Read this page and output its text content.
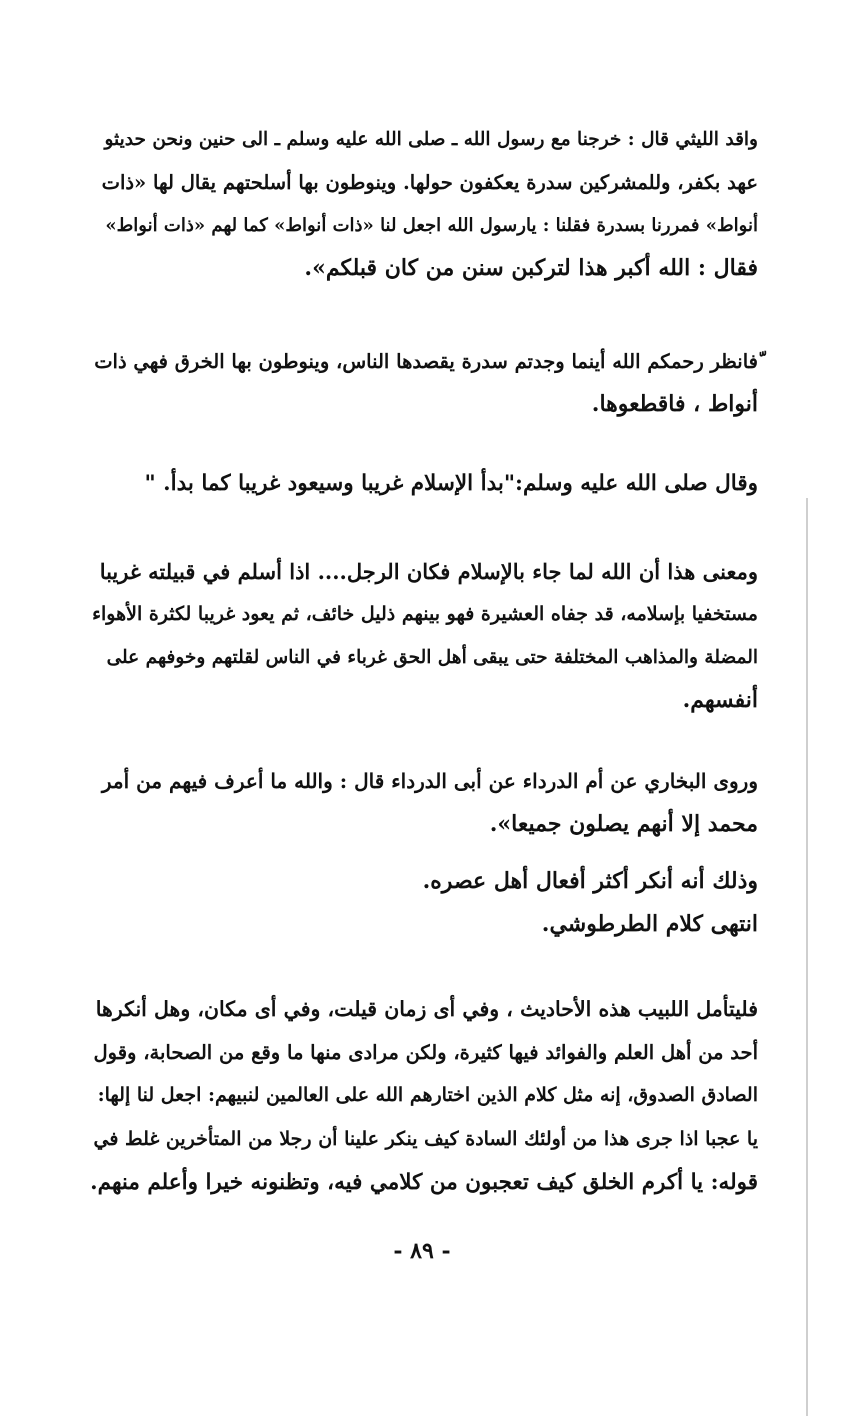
واقد الليثي قال : خرجنا مع رسول الله ـ صلى الله عليه وسلم ـ الى حنين ونحن حديثو
عهد بكفر، وللمشركين سدرة يعكفون حولها. وينوطون بها أسلحتهم يقال لها «ذات
أنواط» فمررنا بسدرة فقلنا : يارسول الله اجعل لنا «ذات أنواط» كما لهم «ذات أنواط»
فقال : الله أكبر هذا لتركبن سنن من كان قبلكم».

ّفانظر رحمكم الله أينما وجدتم سدرة يقصدها الناس، وينوطون بها الخرق فهي ذات
أنواط ، فاقطعوها.

وقال صلى الله عليه وسلم:"بدأ الإسلام غريبا وسيعود غريبا كما بدأ. "

ومعنى هذا أن الله لما جاء بالإسلام فكان الرجل.... اذا أسلم في قبيلته غريبا
مستخفيا بإسلامه، قد جفاه العشيرة فهو بينهم ذليل خائف، ثم يعود غريبا لكثرة الأهواء
المضلة والمذاهب المختلفة حتى يبقى أهل الحق غرباء في الناس لقلتهم وخوفهم على
أنفسهم.

وروى البخاري عن أم الدرداء عن أبى الدرداء قال : والله ما أعرف فيهم من أمر
محمد إلا أنهم يصلون جميعا».

وذلك أنه أنكر أكثر أفعال أهل عصره.
انتهى كلام الطرطوشي.

فليتأمل اللبيب هذه الأحاديث ، وفي أى زمان قيلت، وفي أى مكان، وهل أنكرها
أحد من أهل العلم والفوائد فيها كثيرة، ولكن مرادى منها ما وقع من الصحابة، وقول
الصادق الصدوق، إنه مثل كلام الذين اختارهم الله على العالمين لنبيهم: اجعل لنا إلها:

يا عجبا اذا جرى هذا من أولئك السادة كيف ينكر علينا أن رجلا من المتأخرين غلط في
قوله: يا أكرم الخلق كيف تعجبون من كلامي فيه، وتظنونه خيرا وأعلم منهم.

- ٨٩ -
